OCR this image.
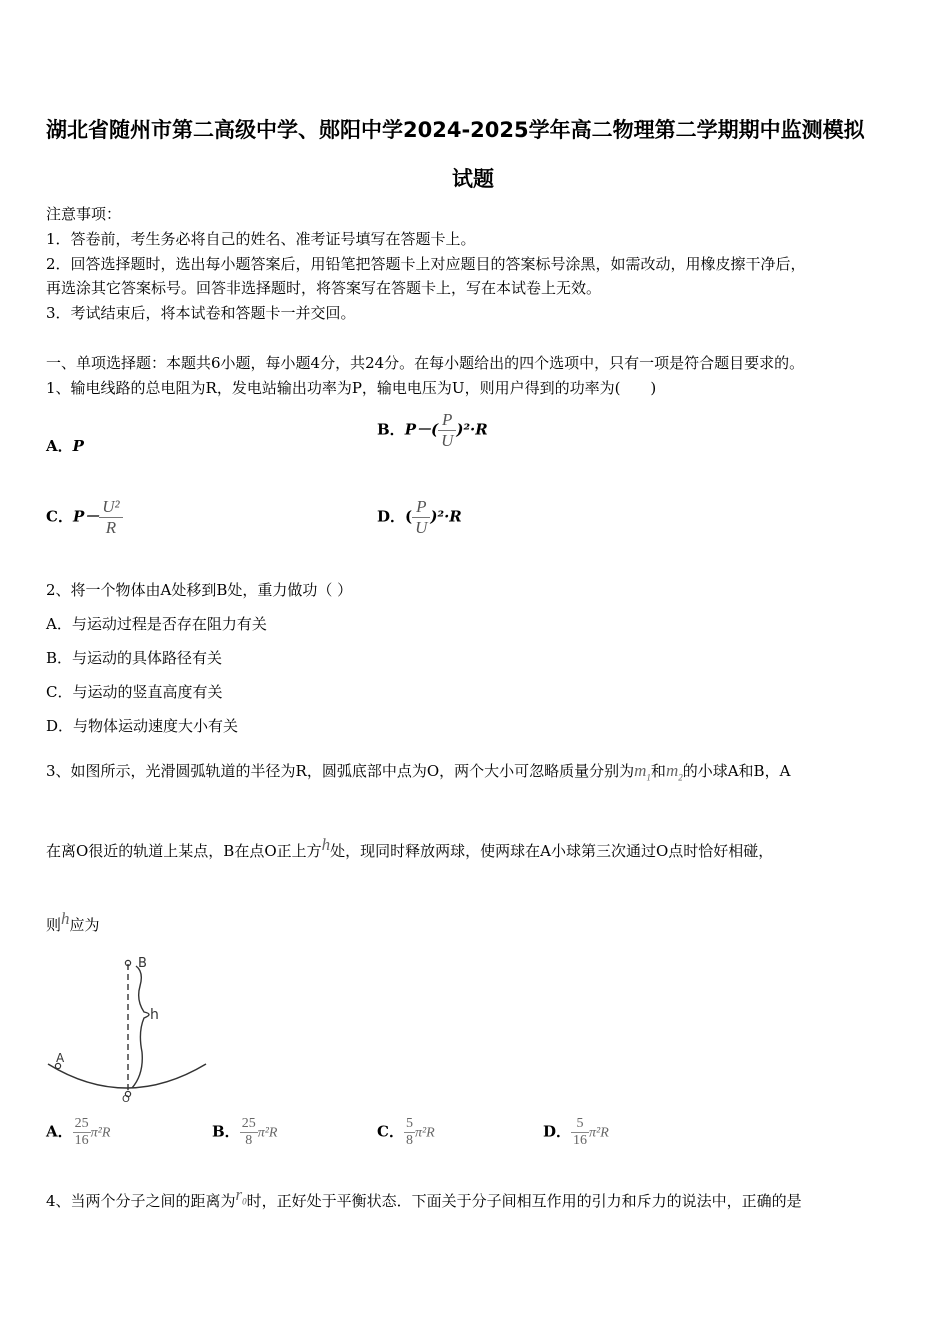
湖北省随州市第二高级中学、郧阳中学2024-2025学年高二物理第二学期期中监测模拟
试题
注意事项：
1．答卷前，考生务必将自己的姓名、准考证号填写在答题卡上。
2．回答选择题时，选出每小题答案后，用铅笔把答题卡上对应题目的答案标号涂黑，如需改动，用橡皮擦干净后，
再选涂其它答案标号。回答非选择题时，将答案写在答题卡上，写在本试卷上无效。
3．考试结束后，将本试卷和答题卡一并交回。
一、单项选择题：本题共6小题，每小题4分，共24分。在每小题给出的四个选项中，只有一项是符合题目要求的。
1、输电线路的总电阻为R，发电站输出功率为P，输电电压为U，则用户得到的功率为(　　)
A．P
B．$P-( \frac{P}{U} )^2\cdot R$
C．$P- \frac{\text{U²}}{R}$	D．( $\frac{P}{U} )^2\cdot R$
2、将一个物体由A处移到B处，重力做功（ ）
A．与运动过程是否存在阻力有关
B．与运动的具体路径有关
C．与运动的竖直高度有关
D．与物体运动速度大小有关
3、如图所示，光滑圆弧轨道的半径为R，圆弧底部中点为O，两个大小可忽略质量分别为$m_1$和$m_2$的小球A和B，A
在离O很近的轨道上某点，B在点O正上方h处，现同时释放两球，使两球在A小球第三次通过O点时恰好相碰，
则h应为
B
h
A
O
A． $\frac{25}{16} \pi^2R$	B． $\frac{25}{8} \pi^2R$	C． $\frac{5}{8} \pi^2R$	D． $\frac{5}{16} \pi^2R$
4、当两个分子之间的距离为$r_0$时，正好处于平衡状态．下面关于分子间相互作用的引力和斥力的说法中，正确的是
